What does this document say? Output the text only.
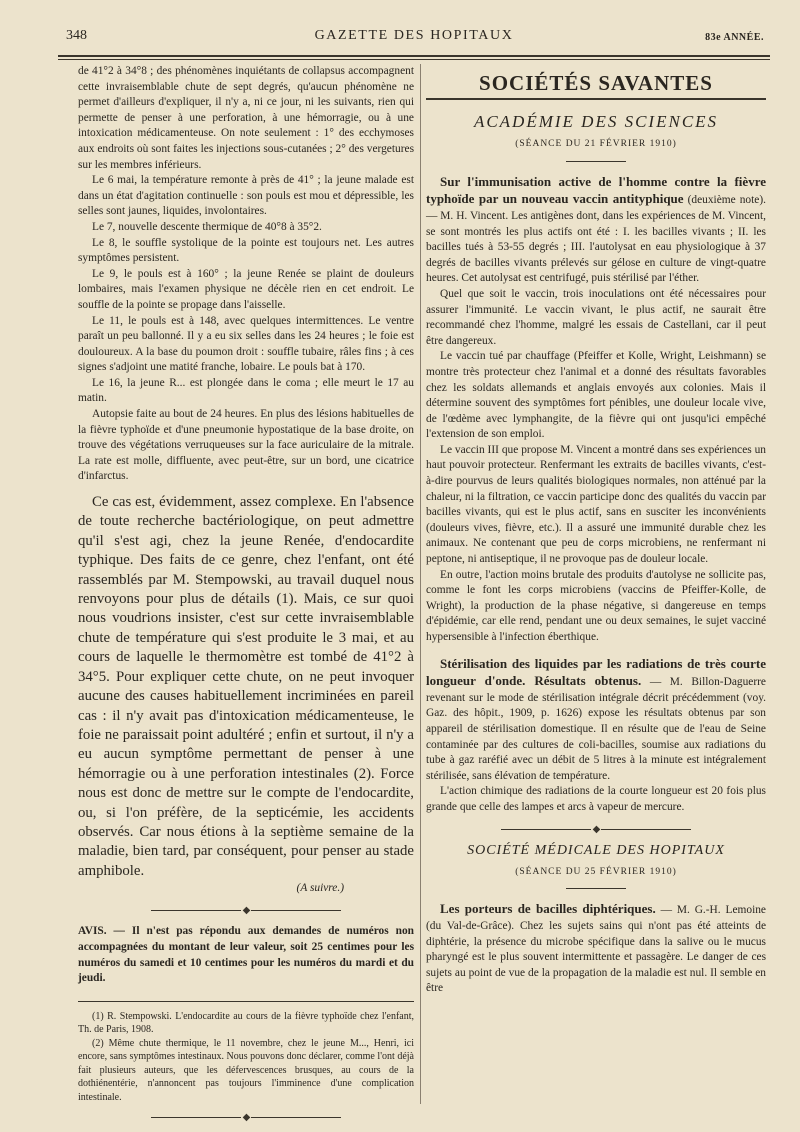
348	GAZETTE DES HOPITAUX	83e ANNÉE.

de 41°2 à 34°8 ; des phénomènes inquiétants de collapsus accompagnent cette invraisemblable chute de sept degrés, qu'aucun phénomène ne permet d'ailleurs d'expliquer, il n'y a, ni ce jour, ni les suivants, rien qui permette de penser à une perforation, à une hémorragie, ou à une intoxication médicamenteuse. On note seulement : 1° des ecchymoses aux endroits où sont faites les injections sous-cutanées ; 2° des vergetures sur les membres inférieurs.

Le 6 mai, la température remonte à près de 41° ; la jeune malade est dans un état d'agitation continuelle : son pouls est mou et dépressible, les selles sont jaunes, liquides, involontaires.

Le 7, nouvelle descente thermique de 40°8 à 35°2.

Le 8, le souffle systolique de la pointe est toujours net. Les autres symptômes persistent.

Le 9, le pouls est à 160° ; la jeune Renée se plaint de douleurs lombaires, mais l'examen physique ne décèle rien en cet endroit. Le souffle de la pointe se propage dans l'aisselle.

Le 11, le pouls est à 148, avec quelques intermittences. Le ventre paraît un peu ballonné. Il y a eu six selles dans les 24 heures ; le foie est douloureux. A la base du poumon droit : souffle tubaire, râles fins ; à ces signes s'adjoint une matité franche, lobaire. Le pouls bat à 170.

Le 16, la jeune R... est plongée dans le coma ; elle meurt le 17 au matin.

Autopsie faite au bout de 24 heures. En plus des lésions habituelles de la fièvre typhoïde et d'une pneumonie hypostatique de la base droite, on trouve des végétations verruqueuses sur la face auriculaire de la mitrale. La rate est molle, diffluente, avec peut-être, sur un bord, une cicatrice d'infarctus.

Ce cas est, évidemment, assez complexe. En l'absence de toute recherche bactériologique, on peut admettre qu'il s'est agi, chez la jeune Renée, d'endocardite typhique. Des faits de ce genre, chez l'enfant, ont été rassemblés par M. Stempowski, au travail duquel nous renvoyons pour plus de détails (1). Mais, ce sur quoi nous voudrions insister, c'est sur cette invraisemblable chute de température qui s'est produite le 3 mai, et au cours de laquelle le thermomètre est tombé de 41°2 à 34°5. Pour expliquer cette chute, on ne peut invoquer aucune des causes habituellement incriminées en pareil cas : il n'y avait pas d'intoxication médicamenteuse, le foie ne paraissait point adultéré ; enfin et surtout, il n'y a eu aucun symptôme permettant de penser à une hémorragie ou à une perforation intestinales (2). Force nous est donc de mettre sur le compte de l'endocardite, ou, si l'on préfère, de la septicémie, les accidents observés. Car nous étions à la septième semaine de la maladie, bien tard, par conséquent, pour penser au stade amphibole.

(A suivre.)

◆

AVIS. — Il n'est pas répondu aux demandes de numéros non accompagnées du montant de leur valeur, soit 25 centimes pour les numéros du samedi et 10 centimes pour les numéros du mardi et du jeudi.

(1) R. Stempowski. L'endocardite au cours de la fièvre typhoïde chez l'enfant, Th. de Paris, 1908.

(2) Même chute thermique, le 11 novembre, chez le jeune M..., Henri, ici encore, sans symptômes intestinaux. Nous pouvons donc déclarer, comme l'ont déjà fait plusieurs auteurs, que les défervescences brusques, au cours de la dothiénentérie, n'annoncent pas toujours l'imminence d'une complication intestinale.

◆
SOCIÉTÉS SAVANTES
ACADÉMIE DES SCIENCES
(SÉANCE DU 21 FÉVRIER 1910)

Sur l'immunisation active de l'homme contre la fièvre typhoïde par un nouveau vaccin antityphique (deuxième note). — M. H. Vincent. Les antigènes dont, dans les expériences de M. Vincent, se sont montrés les plus actifs ont été : I. les bacilles vivants ; II. les bacilles tués à 53-55 degrés ; III. l'autolysat en eau physiologique à 37 degrés de bacilles vivants prélevés sur gélose en culture de vingt-quatre heures. Cet autolysat est centrifugé, puis stérilisé par l'éther.

Quel que soit le vaccin, trois inoculations ont été nécessaires pour assurer l'immunité. Le vaccin vivant, le plus actif, ne saurait être recommandé chez l'homme, malgré les essais de Castellani, car il peut être dangereux.

Le vaccin tué par chauffage (Pfeiffer et Kolle, Wright, Leishmann) se montre très protecteur chez l'animal et a donné des résultats favorables chez les soldats allemands et anglais envoyés aux colonies. Mais il détermine souvent des symptômes fort pénibles, une douleur locale vive, de l'œdème avec lymphangite, de la fièvre qui ont jusqu'ici empêché l'extension de son emploi.

Le vaccin III que propose M. Vincent a montré dans ses expériences un haut pouvoir protecteur. Renfermant les extraits de bacilles vivants, c'est-à-dire pourvus de leurs qualités biologiques normales, non atténué par la chaleur, ni la filtration, ce vaccin participe donc des qualités du vaccin par bacilles vivants, qui est le plus actif, sans en susciter les inconvénients (douleurs vives, fièvre, etc.). Il a assuré une immunité durable chez les animaux. Ne contenant que peu de corps microbiens, ne renfermant ni peptone, ni antiseptique, il ne provoque pas de douleur locale.

En outre, l'action moins brutale des produits d'autolyse ne sollicite pas, comme le font les corps microbiens (vaccins de Pfeiffer-Kolle, de Wright), la production de la phase négative, si dangereuse en temps d'épidémie, car elle rend, pendant une ou deux semaines, le sujet vacciné hypersensible à l'infection éberthique.

Stérilisation des liquides par les radiations de très courte longueur d'onde. Résultats obtenus. — M. Billon-Daguerre revenant sur le mode de stérilisation intégrale décrit précédemment (voy. Gaz. des hôpit., 1909, p. 1626) expose les résultats obtenus par son appareil de stérilisation domestique. Il en résulte que de l'eau de Seine contaminée par des cultures de coli-bacilles, soumise aux radiations du tube à gaz raréfié avec un débit de 5 litres à la minute est intégralement stérilisée, sans élévation de température.

L'action chimique des radiations de la courte longueur est 20 fois plus grande que celle des lampes et arcs à vapeur de mercure.

◆
SOCIÉTÉ MÉDICALE DES HOPITAUX
(SÉANCE DU 25 FÉVRIER 1910)

Les porteurs de bacilles diphtériques. — M. G.-H. Lemoine (du Val-de-Grâce). Chez les sujets sains qui n'ont pas été atteints de diphtérie, la présence du microbe spécifique dans la salive ou le mucus pharyngé est le plus souvent intermittente et passagère. Le danger de ces sujets au point de vue de la propagation de la maladie est nul. Il semble en être
